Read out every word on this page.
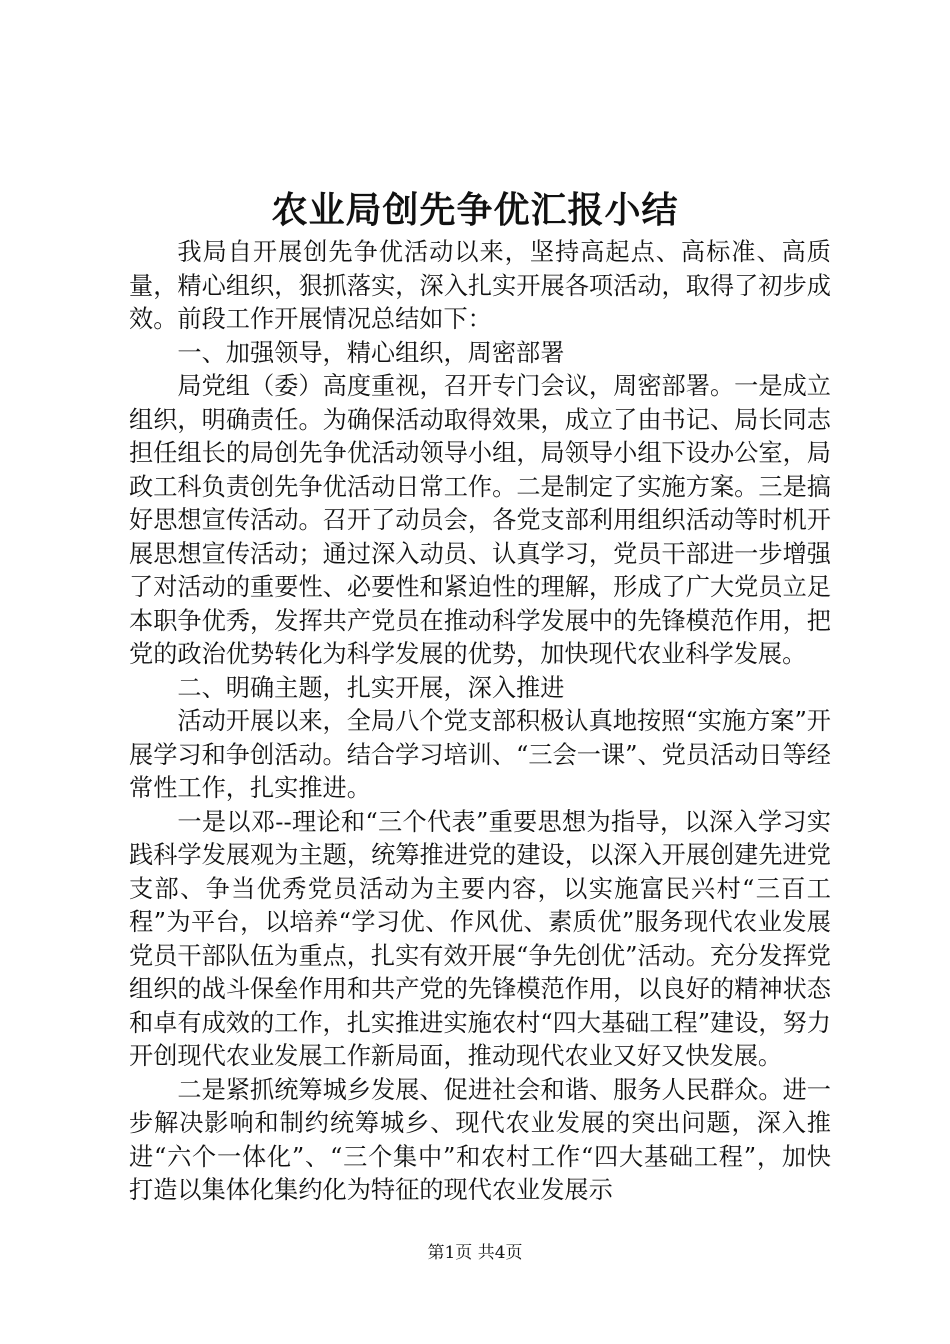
农业局创先争优汇报小结

我局自开展创先争优活动以来，坚持高起点、高标准、高质量，精心组织，狠抓落实，深入扎实开展各项活动，取得了初步成效。前段工作开展情况总结如下：

一、加强领导，精心组织，周密部署

局党组（委）高度重视，召开专门会议，周密部署。一是成立组织，明确责任。为确保活动取得效果，成立了由书记、局长同志担任组长的局创先争优活动领导小组，局领导小组下设办公室，局政工科负责创先争优活动日常工作。二是制定了实施方案。三是搞好思想宣传活动。召开了动员会，各党支部利用组织活动等时机开展思想宣传活动；通过深入动员、认真学习，党员干部进一步增强了对活动的重要性、必要性和紧迫性的理解，形成了广大党员立足本职争优秀，发挥共产党员在推动科学发展中的先锋模范作用，把党的政治优势转化为科学发展的优势，加快现代农业科学发展。

二、明确主题，扎实开展，深入推进

活动开展以来，全局八个党支部积极认真地按照“实施方案”开展学习和争创活动。结合学习培训、“三会一课”、党员活动日等经常性工作，扎实推进。

一是以邓--理论和“三个代表”重要思想为指导，以深入学习实践科学发展观为主题，统筹推进党的建设，以深入开展创建先进党支部、争当优秀党员活动为主要内容，以实施富民兴村“三百工程”为平台，以培养“学习优、作风优、素质优”服务现代农业发展党员干部队伍为重点，扎实有效开展“争先创优”活动。充分发挥党组织的战斗保垒作用和共产党的先锋模范作用，以良好的精神状态和卓有成效的工作，扎实推进实施农村“四大基础工程”建设，努力开创现代农业发展工作新局面，推动现代农业又好又快发展。

二是紧抓统筹城乡发展、促进社会和谐、服务人民群众。进一步解决影响和制约统筹城乡、现代农业发展的突出问题，深入推进“六个一体化”、“三个集中”和农村工作“四大基础工程”，加快打造以集体化集约化为特征的现代农业发展示

第1页 共4页
